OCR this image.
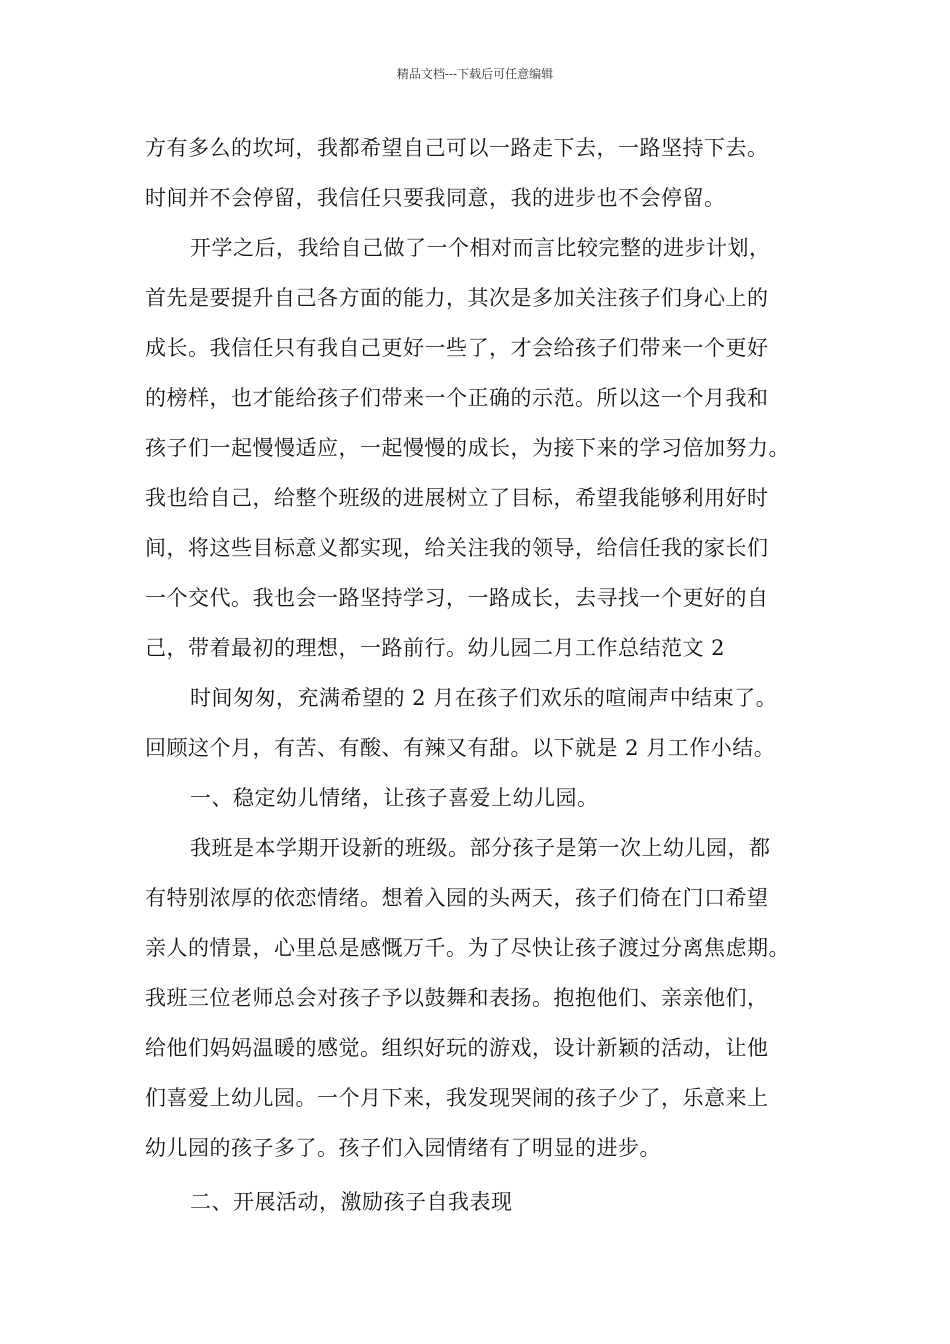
精品文档---下载后可任意编辑
方有多么的坎坷，我都希望自己可以一路走下去，一路坚持下去。
时间并不会停留，我信任只要我同意，我的进步也不会停留。
开学之后，我给自己做了一个相对而言比较完整的进步计划，
首先是要提升自己各方面的能力，其次是多加关注孩子们身心上的
成长。我信任只有我自己更好一些了，才会给孩子们带来一个更好
的榜样，也才能给孩子们带来一个正确的示范。所以这一个月我和
孩子们一起慢慢适应，一起慢慢的成长，为接下来的学习倍加努力。
我也给自己，给整个班级的进展树立了目标，希望我能够利用好时
间，将这些目标意义都实现，给关注我的领导，给信任我的家长们
一个交代。我也会一路坚持学习，一路成长，去寻找一个更好的自
己，带着最初的理想，一路前行。幼儿园二月工作总结范文 2
时间匆匆，充满希望的 2 月在孩子们欢乐的喧闹声中结束了。
回顾这个月，有苦、有酸、有辣又有甜。以下就是 2 月工作小结。
一、稳定幼儿情绪，让孩子喜爱上幼儿园。
我班是本学期开设新的班级。部分孩子是第一次上幼儿园，都
有特别浓厚的依恋情绪。想着入园的头两天，孩子们倚在门口希望
亲人的情景，心里总是感慨万千。为了尽快让孩子渡过分离焦虑期。
我班三位老师总会对孩子予以鼓舞和表扬。抱抱他们、亲亲他们，
给他们妈妈温暖的感觉。组织好玩的游戏，设计新颖的活动，让他
们喜爱上幼儿园。一个月下来，我发现哭闹的孩子少了，乐意来上
幼儿园的孩子多了。孩子们入园情绪有了明显的进步。
二、开展活动，激励孩子自我表现
